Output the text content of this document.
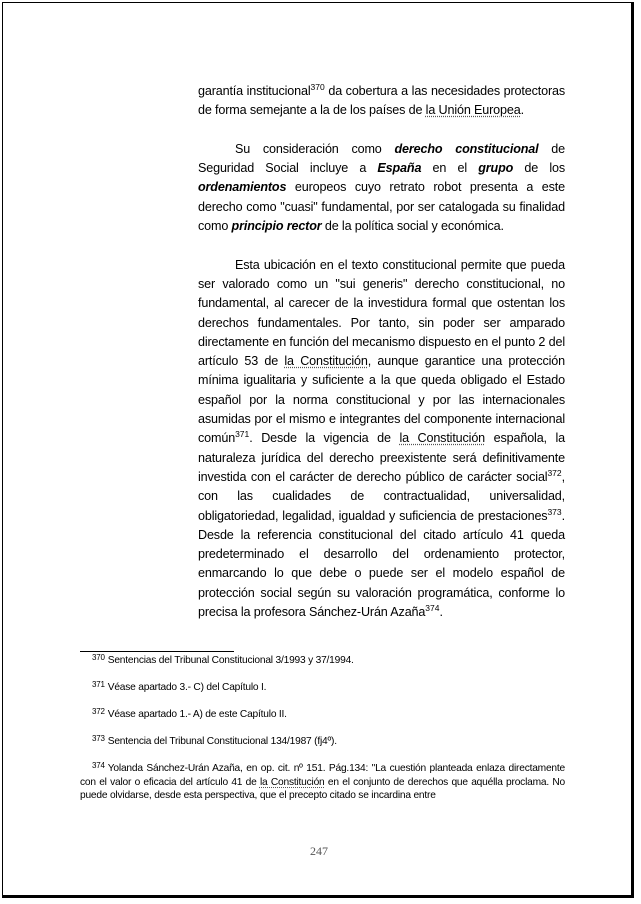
garantía institucional$^{370}$ da cobertura a las necesidades protectoras de forma semejante a la de los países de la Unión Europea.

Su consideración como derecho constitucional de Seguridad Social incluye a España en el grupo de los ordenamientos europeos cuyo retrato robot presenta a este derecho como "cuasi" fundamental, por ser catalogada su finalidad como principio rector de la política social y económica.

Esta ubicación en el texto constitucional permite que pueda ser valorado como un "sui generis" derecho constitucional, no fundamental, al carecer de la investidura formal que ostentan los derechos fundamentales. Por tanto, sin poder ser amparado directamente en función del mecanismo dispuesto en el punto 2 del artículo 53 de la Constitución, aunque garantice una protección mínima igualitaria y suficiente a la que queda obligado el Estado español por la norma constitucional y por las internacionales asumidas por el mismo e integrantes del componente internacional común$^{371}$. Desde la vigencia de la Constitución española, la naturaleza jurídica del derecho preexistente será definitivamente investida con el carácter de derecho público de carácter social$^{372}$, con las cualidades de contractualidad, universalidad, obligatoriedad, legalidad, igualdad y suficiencia de prestaciones$^{373}$. Desde la referencia constitucional del citado artículo 41 queda predeterminado el desarrollo del ordenamiento protector, enmarcando lo que debe o puede ser el modelo español de protección social según su valoración programática, conforme lo precisa la profesora Sánchez-Urán Azaña$^{374}$.

$^{370}$ Sentencias del Tribunal Constitucional 3/1993 y 37/1994.

$^{371}$ Véase apartado 3.- C) del Capítulo I.

$^{372}$ Véase apartado 1.- A) de este Capítulo II.

$^{373}$ Sentencia del Tribunal Constitucional 134/1987 (fj4º).

$^{374}$ Yolanda Sánchez-Urán Azaña, en op. cit. nº 151. Pág.134: "La cuestión planteada enlaza directamente con el valor o eficacia del artículo 41 de la Constitución en el conjunto de derechos que aquélla proclama. No puede olvidarse, desde esta perspectiva, que el precepto citado se incardina entre

247
